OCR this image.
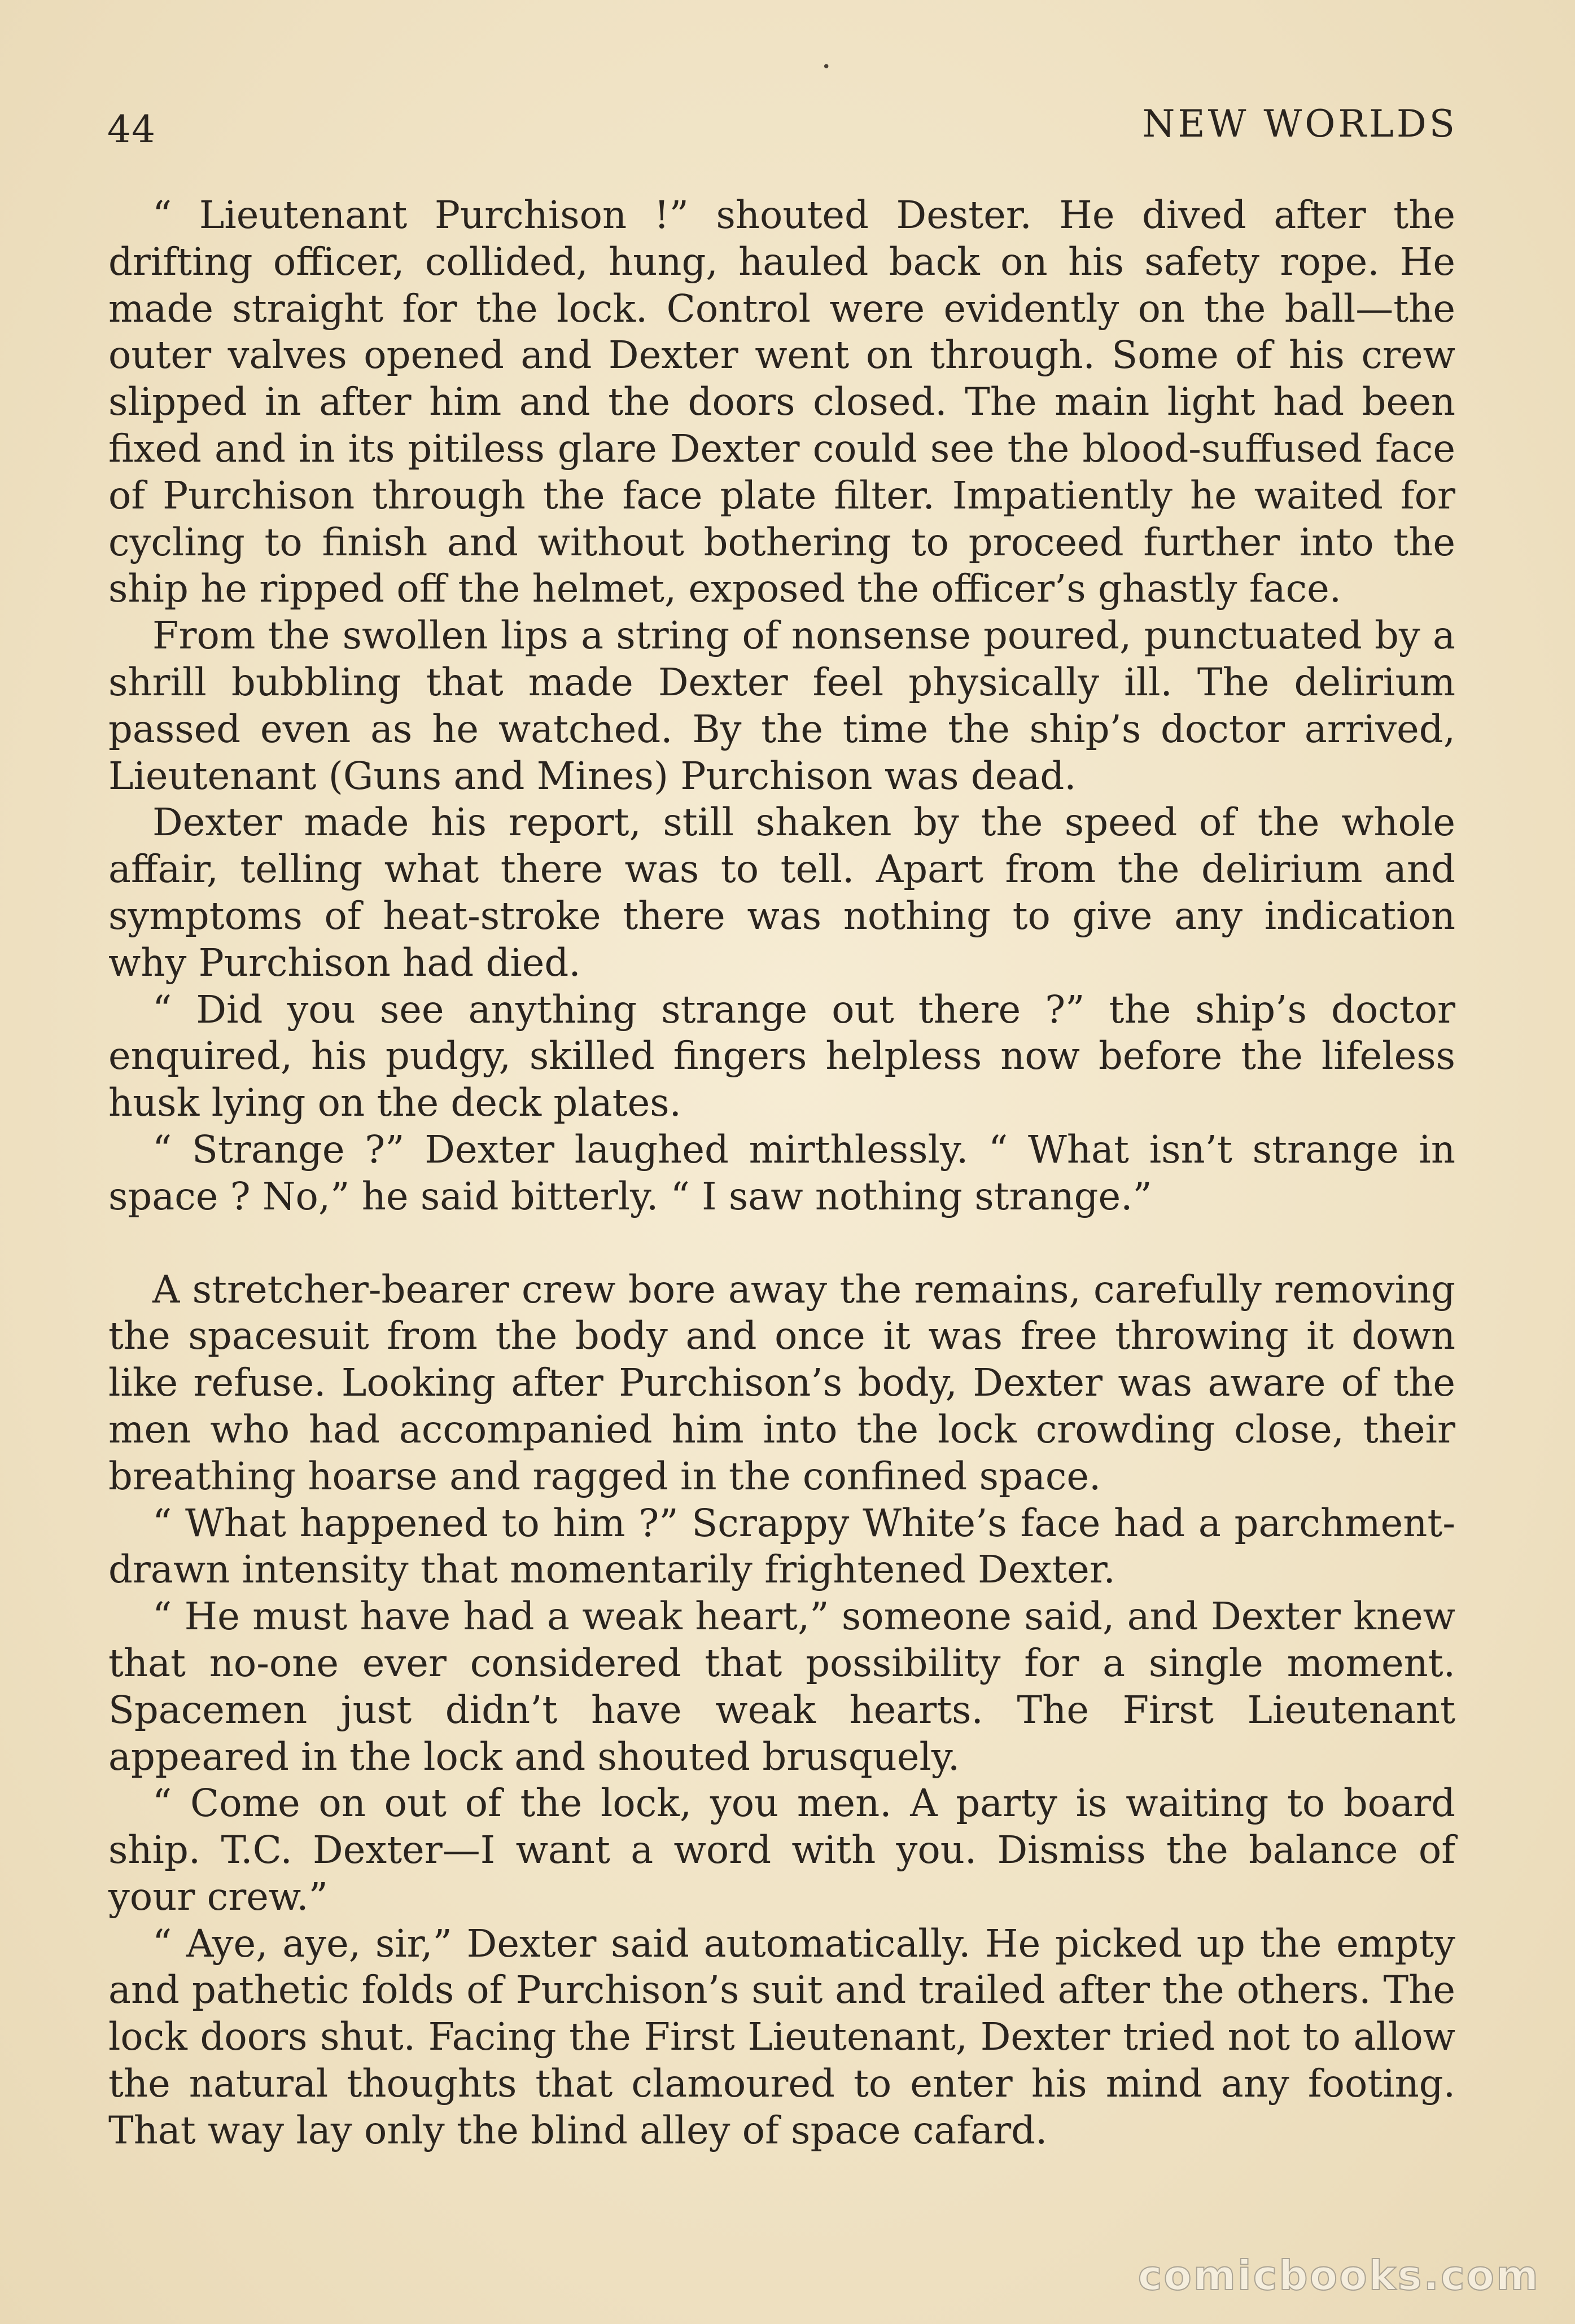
•
44	NEW WORLDS

“ Lieutenant Purchison !” shouted Dester. He dived after the drifting officer, collided, hung, hauled back on his safety rope. He made straight for the lock. Control were evidently on the ball—the outer valves opened and Dexter went on through. Some of his crew slipped in after him and the doors closed. The main light had been fixed and in its pitiless glare Dexter could see the blood-suffused face of Purchison through the face plate filter. Impatiently he waited for cycling to finish and without bothering to proceed further into the ship he ripped off the helmet, exposed the officer’s ghastly face.

From the swollen lips a string of nonsense poured, punctuated by a shrill bubbling that made Dexter feel physically ill. The delirium passed even as he watched. By the time the ship’s doctor arrived, Lieutenant (Guns and Mines) Purchison was dead.

Dexter made his report, still shaken by the speed of the whole affair, telling what there was to tell. Apart from the delirium and symptoms of heat-stroke there was nothing to give any indication why Purchison had died.

“ Did you see anything strange out there ?” the ship’s doctor enquired, his pudgy, skilled fingers helpless now before the lifeless husk lying on the deck plates.

“ Strange ?” Dexter laughed mirthlessly. “ What isn’t strange in space ? No,” he said bitterly. “ I saw nothing strange.”

A stretcher-bearer crew bore away the remains, carefully removing the spacesuit from the body and once it was free throwing it down like refuse. Looking after Purchison’s body, Dexter was aware of the men who had accompanied him into the lock crowding close, their breathing hoarse and ragged in the confined space.

“ What happened to him ?” Scrappy White’s face had a parchment-drawn intensity that momentarily frightened Dexter.

“ He must have had a weak heart,” someone said, and Dexter knew that no-one ever considered that possibility for a single moment. Spacemen just didn’t have weak hearts. The First Lieutenant appeared in the lock and shouted brusquely.

“ Come on out of the lock, you men. A party is waiting to board ship. T.C. Dexter—I want a word with you. Dismiss the balance of your crew.”

“ Aye, aye, sir,” Dexter said automatically. He picked up the empty and pathetic folds of Purchison’s suit and trailed after the others. The lock doors shut. Facing the First Lieutenant, Dexter tried not to allow the natural thoughts that clamoured to enter his mind any footing. That way lay only the blind alley of space cafard.

comicbooks.com
